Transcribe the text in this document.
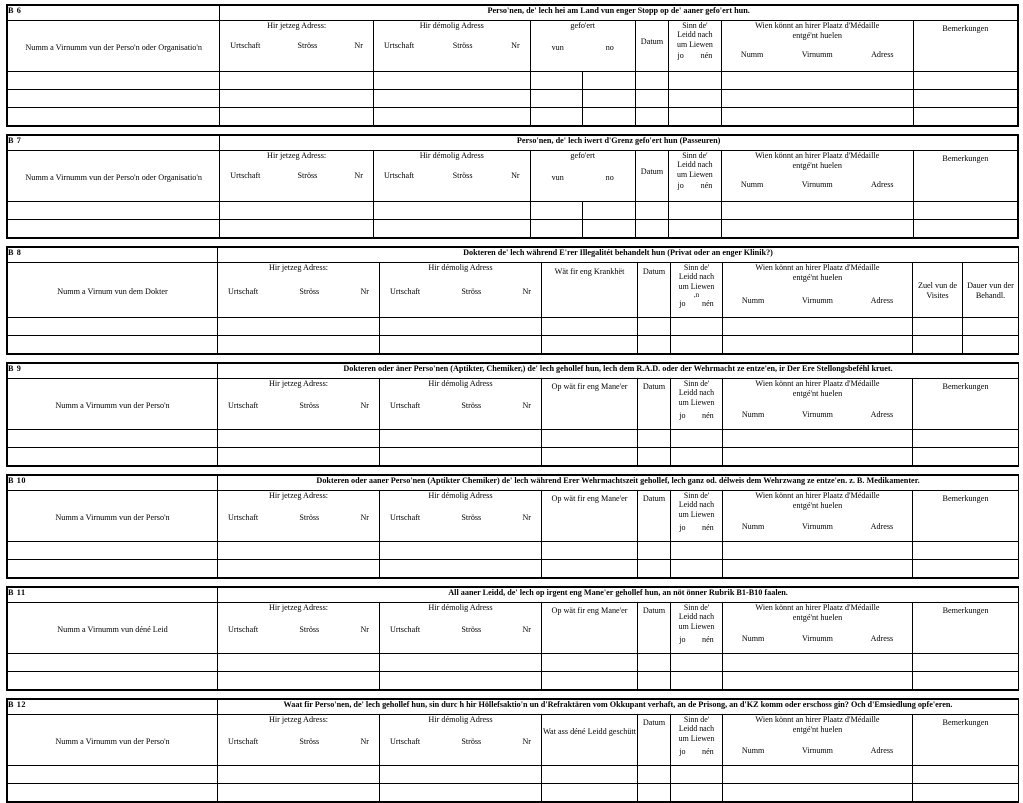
B 6	Perso'nen, de' lech hei am Land vun enger Stopp op de' aaner gefo'ert hun.							

Numm a Virnumm vun der Perso'n oder Organisatio'n

Hir jetzeg Adress:
Urtschaft	Ströss	Nr

Hir démolig Adress
Urtschaft	Ströss	Nr

gefo'ert
vun	no

Datum

Sinn de'
Leidd nach
um Liewen
jo nén

Wien könnt an hirer Plaatz d'Médaille
entgé'nt huelen
Numm	Virnumm	Adress

Bemerkungen

B 7	Perso'nen, de' lech iwert d'Grenz gefo'ert hun (Passeuren)							

Numm a Virnumm vun der Perso'n oder Organisatio'n

Hir jetzeg Adress:
Urtschaft	Ströss	Nr

Hir démolig Adress
Urtschaft	Ströss	Nr

gefo'ert
vun	no

Datum

Sinn de'
Leidd nach
um Liewen
jo nén

Wien könnt an hirer Plaatz d'Médaille
entgé'nt huelen
Numm	Virnumm	Adress

Bemerkungen

B 8	Dokteren de' lech während E'rer Illegalitét behandelt hun (Privat oder an enger Klinik?)							

Numm a Virnum vun dem Dokter

Hir jetzeg Adress:
Urtschaft	Ströss	Nr

Hir démolig Adress
Urtschaft	Ströss	Nr

Wät fir eng Krankhët	Datum	Sinn de'
Leidd nach
um Liewen
,n
jo nén

Wien könnt an hirer Plaatz d'Médaille
entgé'nt huelen
Numm	Virnumm	Adress

Zuel vun de Visites

Dauer vun der Behandl.

B 9	Dokteren oder äner Perso'nen (Aptikter, Chemiker,) de' lech gehollef hun, lech dem R.A.D. oder der Wehrmacht ze entze'en, ir Der Ere Stellongsbeféhl kruet.						

Numm a Virnumm vun der Perso'n

Hir jetzeg Adress:
Urtschaft	Ströss	Nr

Hir démolig Adress
Urtschaft	Ströss	Nr

Op wät fir eng Mane'er	Datum	Sinn de'
Leidd nach
um Liewen
jo nén

Wien könnt an hirer Plaatz d'Médaille
entgé'nt huelen
Numm	Virnumm	Adress

Bemerkungen

B 10	Dokteren oder aaner Perso'nen (Aptikter Chemiker) de' lech während Erer Wehrmachtszeit gehollef, lech ganz od. délweis dem Wehrzwang ze entze'en. z. B. Medikamenter.						

Numm a Virnumm vun der Perso'n

Hir jetzeg Adress:
Urtschaft	Ströss	Nr

Hir démolig Adress
Urtschaft	Ströss	Nr

Op wät fir eng Mane'er	Datum	Sinn de'
Leidd nach
um Liewen
jo nén

Wien könnt an hirer Plaatz d'Médaille
entgé'nt huelen
Numm	Virnumm	Adress

Bemerkungen

B 11	All aaner Leidd, de' lech op irgent eng Mane'er gehollef hun, an nöt önner Rubrik B1-B10 faalen.						

Numm a Virnumm vun déné Leid

Hir jetzeg Adress:
Urtschaft	Ströss	Nr

Hir démolig Adress
Urtschaft	Ströss	Nr

Op wät fir eng Mane'er	Datum	Sinn de'
Leidd nach
um Liewen
jo nén

Wien könnt an hirer Plaatz d'Médaille
entgé'nt huelen
Numm	Virnumm	Adress

Bemerkungen

B 12	Waat fir Perso'nen, de' lech gehollef hun, sin durc h hir Höllefsaktio'n un d'Refraktären vom Okkupant verhaft, an de Prisong, an d'KZ komm oder erschoss gin? Och d'Emsiedlung opfe'eren.						

Numm a Virnumm vun der Perso'n

Hir jetzeg Adress:
Urtschaft	Ströss	Nr

Hir démolig Adress
Urtschaft	Ströss	Nr

Wat ass déné Leidd geschütt

Datum	Sinn de'
Leidd nach
um Liewen
jo nén

Wien könnt an hirer Plaatz d'Médaille
entgé'nt huelen
Numm	Virnumm	Adress

Bemerkungen
